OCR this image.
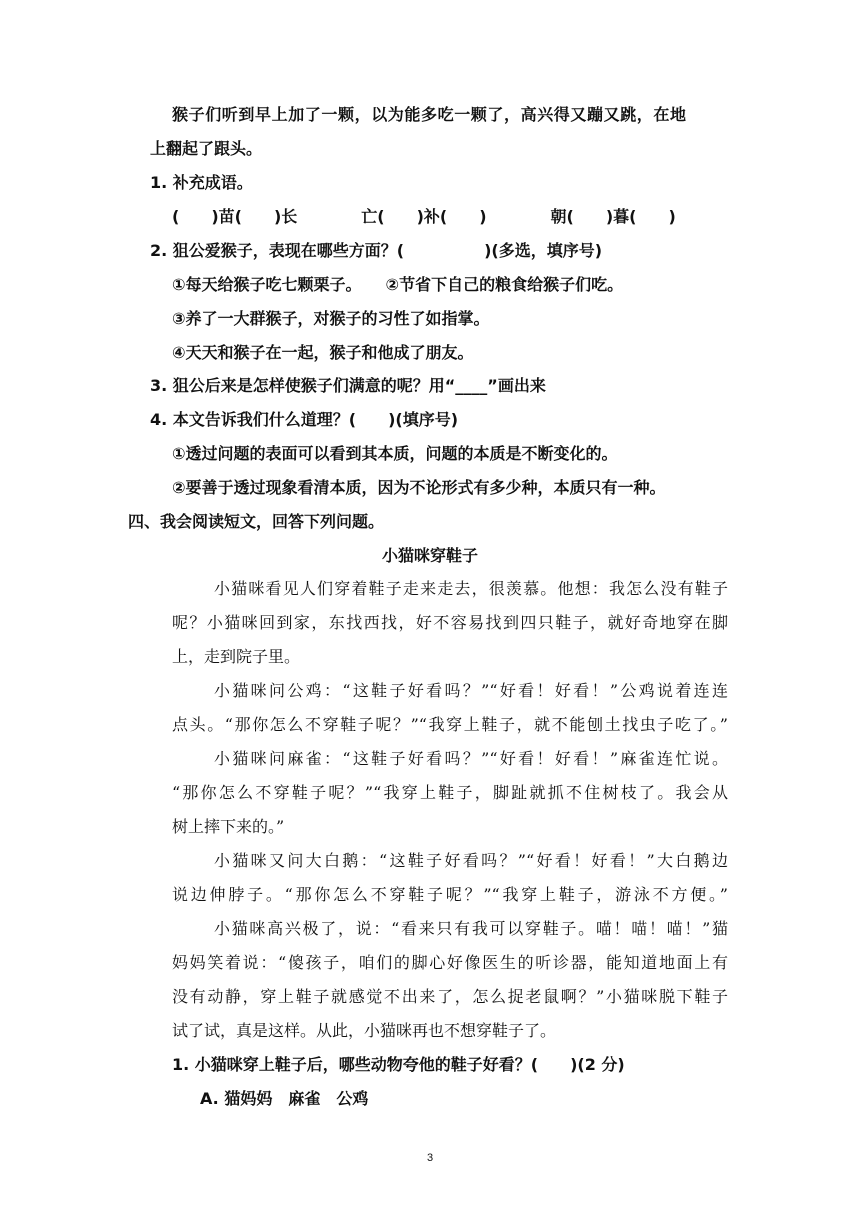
猴子们听到早上加了一颗，以为能多吃一颗了，高兴得又蹦又跳，在地
上翻起了跟头。
1. 补充成语。
(　　)苗(　　)长　　　　亡(　　)补(　　)　　　　朝(　　)暮(　　)
2. 狙公爱猴子，表现在哪些方面？(　　　　　)(多选，填序号)
①每天给猴子吃七颗栗子。　　②节省下自己的粮食给猴子们吃。
③养了一大群猴子，对猴子的习性了如指掌。
④天天和猴子在一起，猴子和他成了朋友。
3. 狙公后来是怎样使猴子们满意的呢？用“____”画出来
4. 本文告诉我们什么道理？(　　)(填序号)
①透过问题的表面可以看到其本质，问题的本质是不断变化的。
②要善于透过现象看清本质，因为不论形式有多少种，本质只有一种。
四、我会阅读短文，回答下列问题。
小猫咪穿鞋子
小猫咪看见人们穿着鞋子走来走去，很羡慕。他想：我怎么没有鞋子
呢？小猫咪回到家，东找西找，好不容易找到四只鞋子，就好奇地穿在脚
上，走到院子里。
小猫咪问公鸡：“这鞋子好看吗？”“好看！好看！”公鸡说着连连
点头。“那你怎么不穿鞋子呢？”“我穿上鞋子，就不能刨土找虫子吃了。”
小猫咪问麻雀：“这鞋子好看吗？”“好看！好看！”麻雀连忙说。
“那你怎么不穿鞋子呢？”“我穿上鞋子，脚趾就抓不住树枝了。我会从
树上摔下来的。”
小猫咪又问大白鹅：“这鞋子好看吗？”“好看！好看！”大白鹅边
说边伸脖子。“那你怎么不穿鞋子呢？”“我穿上鞋子，游泳不方便。”
小猫咪高兴极了，说：“看来只有我可以穿鞋子。喵！喵！喵！”猫
妈妈笑着说：“傻孩子，咱们的脚心好像医生的听诊器，能知道地面上有
没有动静，穿上鞋子就感觉不出来了，怎么捉老鼠啊？”小猫咪脱下鞋子
试了试，真是这样。从此，小猫咪再也不想穿鞋子了。
1. 小猫咪穿上鞋子后，哪些动物夸他的鞋子好看？(　　)(2 分)
A. 猫妈妈　麻雀　公鸡
3
